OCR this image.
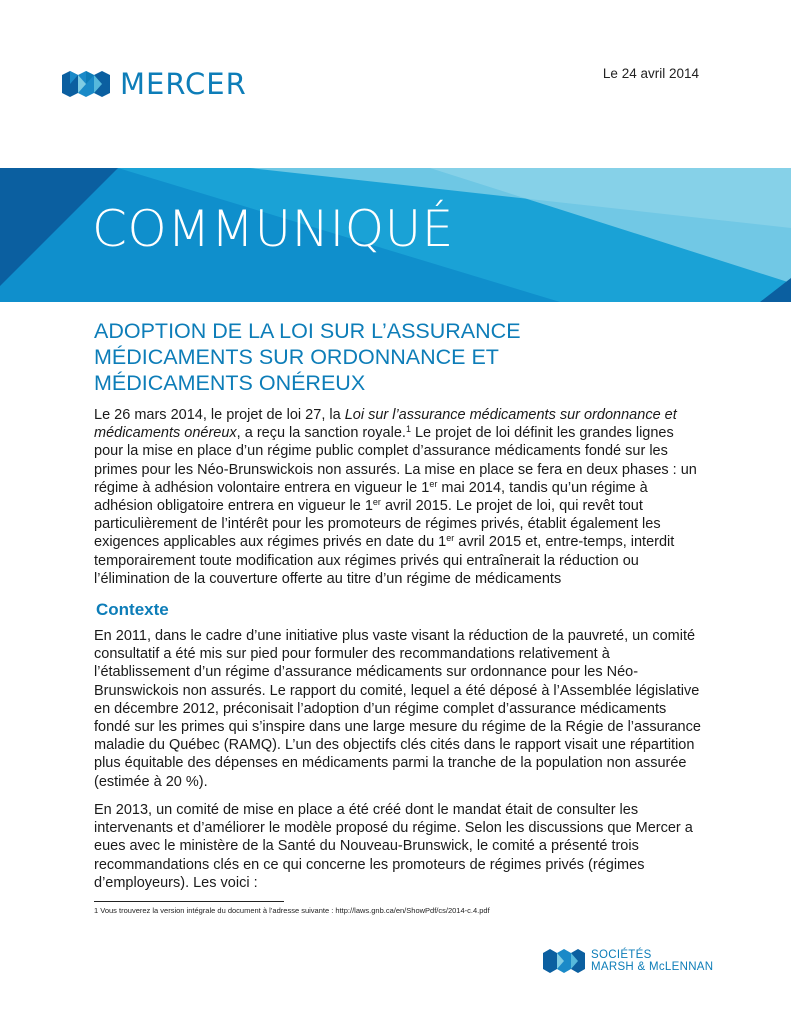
MERCER	Le 24 avril 2014
COMMUNIQUÉ
ADOPTION DE LA LOI SUR L’ASSURANCE
MÉDICAMENTS SUR ORDONNANCE ET
MÉDICAMENTS ONÉREUX

Le 26 mars 2014, le projet de loi 27, la Loi sur l’assurance médicaments sur ordonnance et médicaments onéreux, a reçu la sanction royale.$^1$ Le projet de loi définit les grandes lignes pour la mise en place d’un régime public complet d’assurance médicaments fondé sur les primes pour les Néo-Brunswickois non assurés. La mise en place se fera en deux phases : un régime à adhésion volontaire entrera en vigueur le 1er mai 2014, tandis qu’un régime à adhésion obligatoire entrera en vigueur le 1er avril 2015. Le projet de loi, qui revêt tout particulièrement de l’intérêt pour les promoteurs de régimes privés, établit également les exigences applicables aux régimes privés en date du 1er avril 2015 et, entre-temps, interdit temporairement toute modification aux régimes privés qui entraînerait la réduction ou l’élimination de la couverture offerte au titre d’un régime de médicaments

Contexte

En 2011, dans le cadre d’une initiative plus vaste visant la réduction de la pauvreté, un comité consultatif a été mis sur pied pour formuler des recommandations relativement à l’établissement d’un régime d’assurance médicaments sur ordonnance pour les Néo-Brunswickois non assurés. Le rapport du comité, lequel a été déposé à l’Assemblée législative en décembre 2012, préconisait l’adoption d’un régime complet d’assurance médicaments fondé sur les primes qui s’inspire dans une large mesure du régime de la Régie de l’assurance maladie du Québec (RAMQ). L’un des objectifs clés cités dans le rapport visait une répartition plus équitable des dépenses en médicaments parmi la tranche de la population non assurée (estimée à 20 %).

En 2013, un comité de mise en place a été créé dont le mandat était de consulter les intervenants et d’améliorer le modèle proposé du régime. Selon les discussions que Mercer a eues avec le ministère de la Santé du Nouveau-Brunswick, le comité a présenté trois recommandations clés en ce qui concerne les promoteurs de régimes privés (régimes d’employeurs). Les voici :

1 Vous trouverez la version intégrale du document à l’adresse suivante : http://laws.gnb.ca/en/ShowPdf/cs/2014-c.4.pdf

SOCIÉTÉS
MARSH & McLENNAN
